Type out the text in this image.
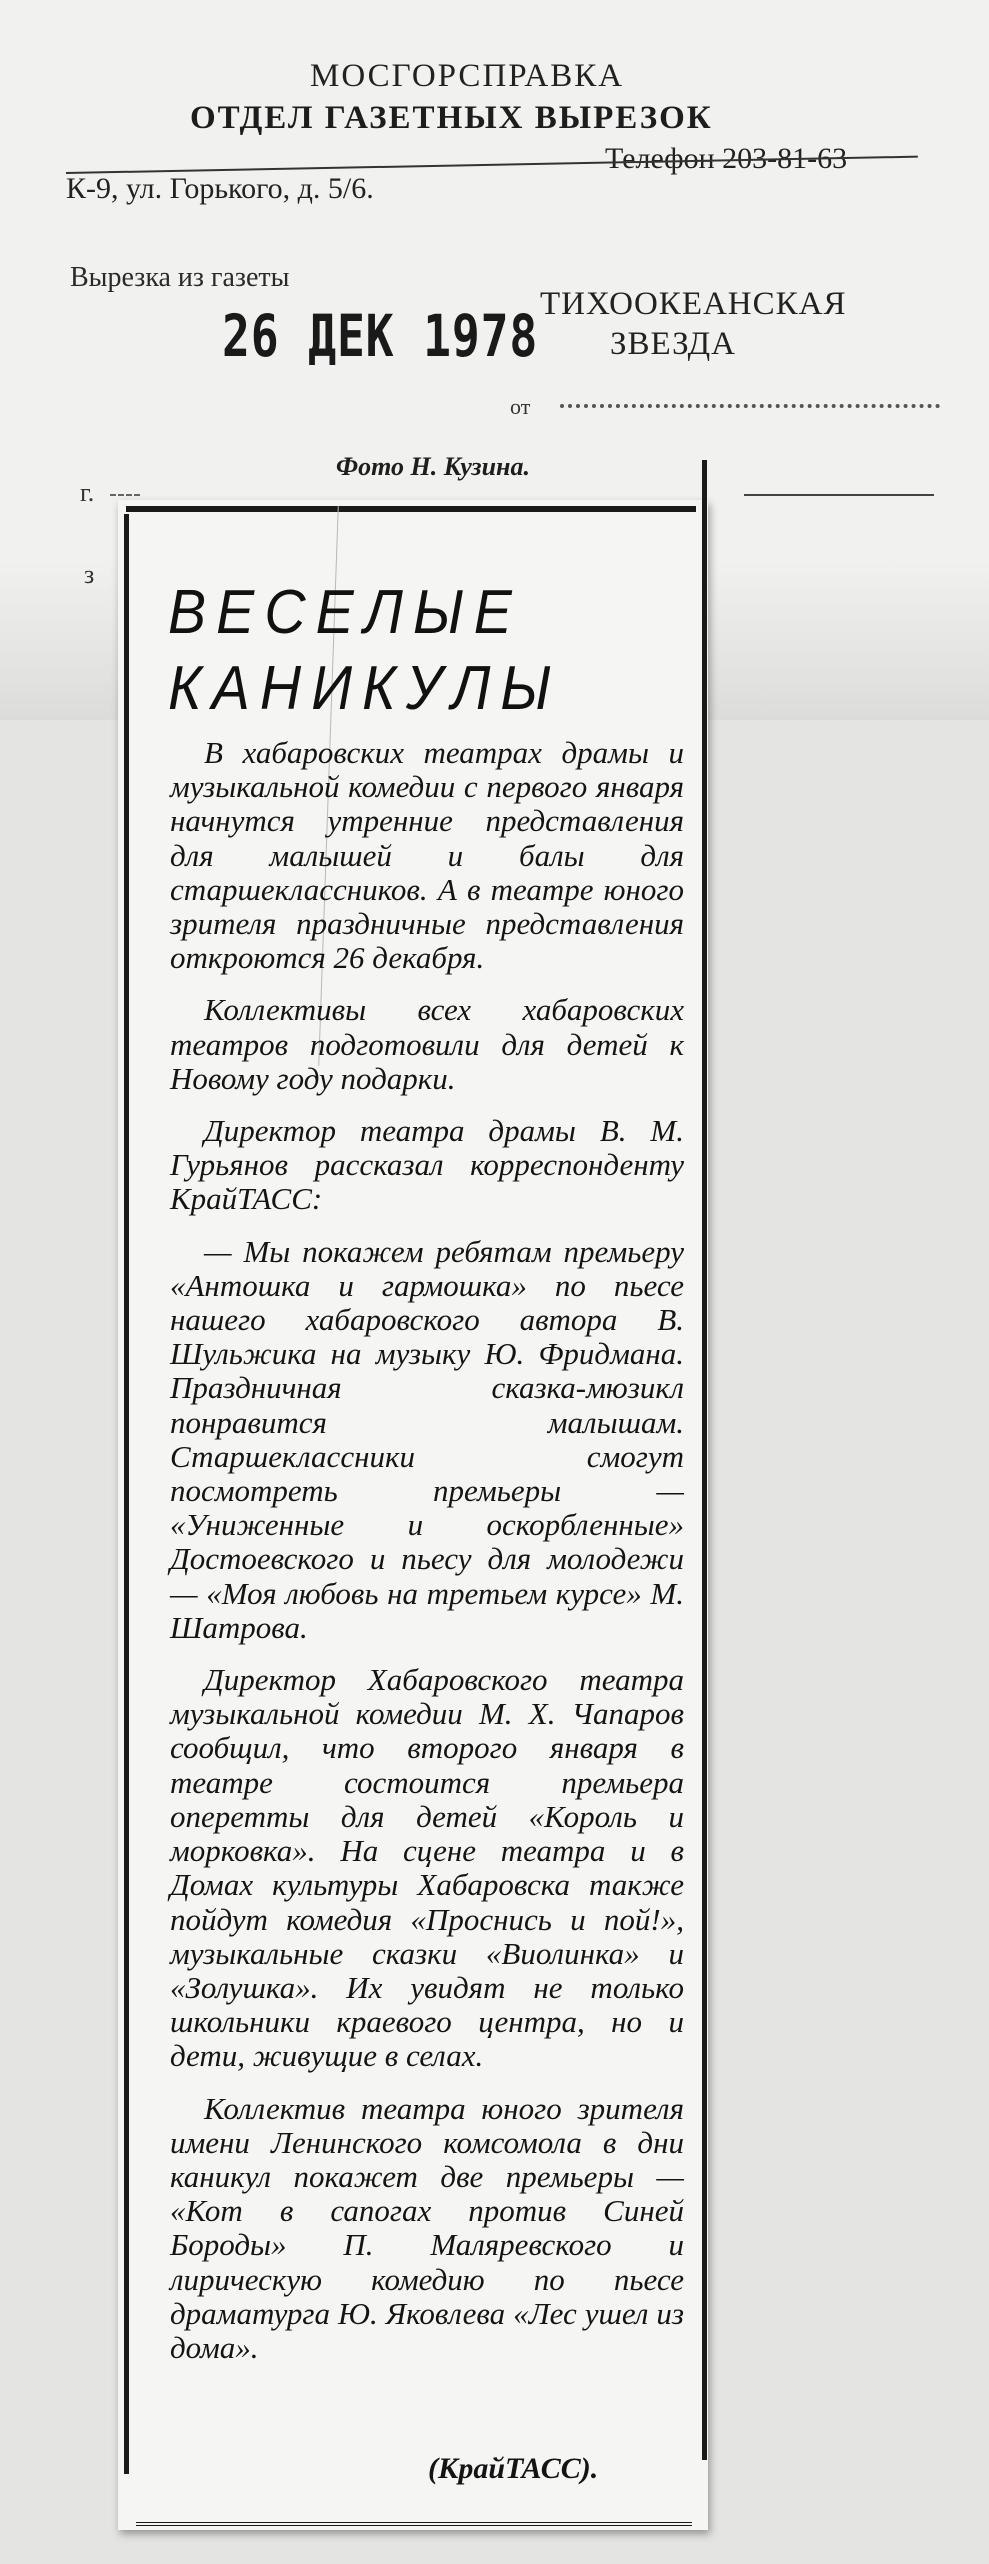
МОСГОРСПРАВКА
ОТДЕЛ ГАЗЕТНЫХ ВЫРЕЗОК
Телефон 203-81-63
К-9, ул. Горького, д. 5/6.
Вырезка из газеты
26 ДЕК 1978 ТИХООКЕАНСКАЯ
ЗВЕЗДА
от
г.
з
Фото Н. Кузина.
ВЕСЕЛЫЕ
КАНИКУЛЫ

В хабаровских театрах драмы и музыкальной комедии с первого января начнутся утренние представления для малышей и балы для старшеклассников. А в театре юного зрителя праздничные представления откроются 26 декабря.

Коллективы всех хабаровских театров подготовили для детей к Новому году подарки.

Директор театра драмы В. М. Гурьянов рассказал корреспонденту КрайТАСС:

— Мы покажем ребятам премьеру «Антошка и гармошка» по пьесе нашего хабаровского автора В. Шульжика на музыку Ю. Фридмана. Праздничная сказка-мюзикл понравится малышам. Старшеклассники смогут посмотреть премьеры — «Униженные и оскорбленные» Достоевского и пьесу для молодежи — «Моя любовь на третьем курсе» М. Шатрова.

Директор Хабаровского театра музыкальной комедии М. Х. Чапаров сообщил, что второго января в театре состоится премьера оперетты для детей «Король и морковка». На сцене театра и в Домах культуры Хабаровска также пойдут комедия «Проснись и пой!», музыкальные сказки «Виолинка» и «Золушка». Их увидят не только школьники краевого центра, но и дети, живущие в селах.

Коллектив театра юного зрителя имени Ленинского комсомола в дни каникул покажет две премьеры — «Кот в сапогах против Синей Бороды» П. Маляревского и лирическую комедию по пьесе драматурга Ю. Яковлева «Лес ушел из дома».

(КрайТАСС).
